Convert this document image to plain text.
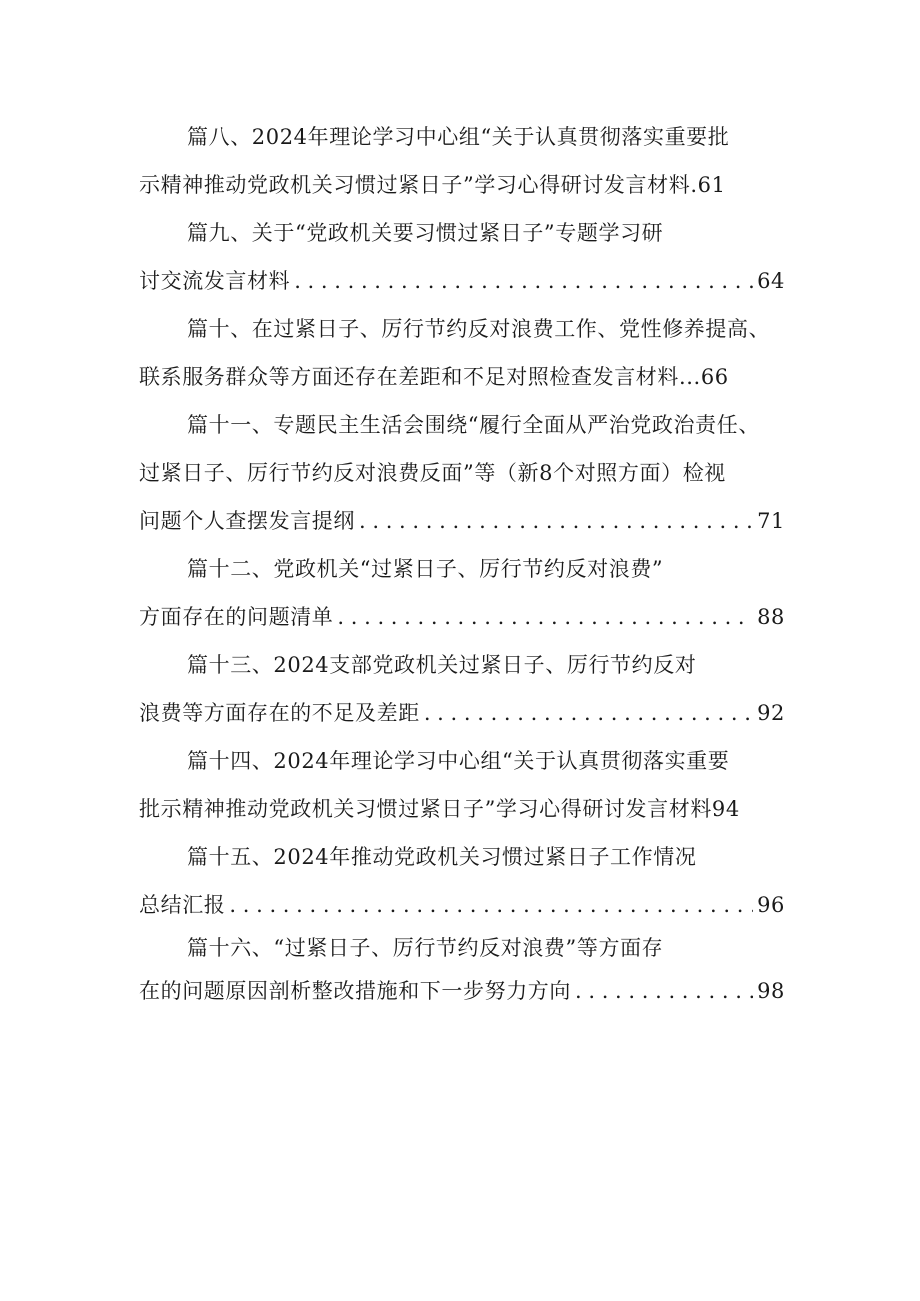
篇八、2024年理论学习中心组“关于认真贯彻落实重要批
示精神推动党政机关习惯过紧日子”学习心得研讨发言材料.61
篇九、关于“党政机关要习惯过紧日子”专题学习研
讨交流发言材料 . . .	64
篇十、在过紧日子、厉行节约反对浪费工作、党性修养提高、
联系服务群众等方面还存在差距和不足对照检查发言材料...66
篇十一、专题民主生活会围绕“履行全面从严治党政治责任、
过紧日子、厉行节约反对浪费反面”等（新8个对照方面）检视
问题个人查摆发言提纲 . . .	71
篇十二、党政机关“过紧日子、厉行节约反对浪费”
方面存在的问题清单 . . .	88
篇十三、2024支部党政机关过紧日子、厉行节约反对
浪费等方面存在的不足及差距 . . .	92
篇十四、2024年理论学习中心组“关于认真贯彻落实重要
批示精神推动党政机关习惯过紧日子”学习心得研讨发言材料94
篇十五、2024年推动党政机关习惯过紧日子工作情况
总结汇报 . . .	96
篇十六、“过紧日子、厉行节约反对浪费”等方面存
在的问题原因剖析整改措施和下一步努力方向 . . .	98
